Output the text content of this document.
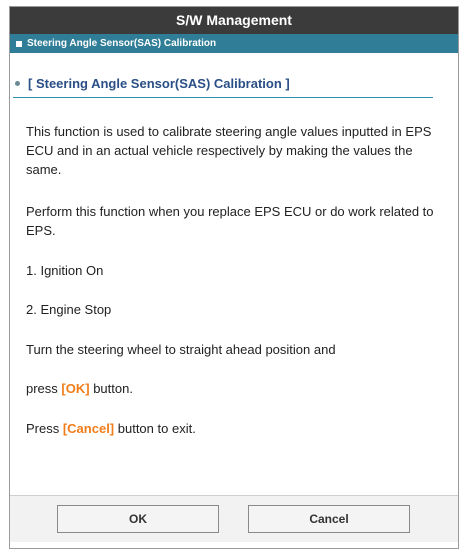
S/W Management
Steering Angle Sensor(SAS) Calibration
[ Steering Angle Sensor(SAS) Calibration ]
This function is used to calibrate steering angle values inputted in EPS ECU and in an actual vehicle respectively by making the values the same.
Perform this function when you replace EPS ECU or do work related to EPS.
1. Ignition On
2. Engine Stop
Turn the steering wheel to straight ahead position and
press [OK] button.
Press [Cancel] button to exit.
OK	Cancel
